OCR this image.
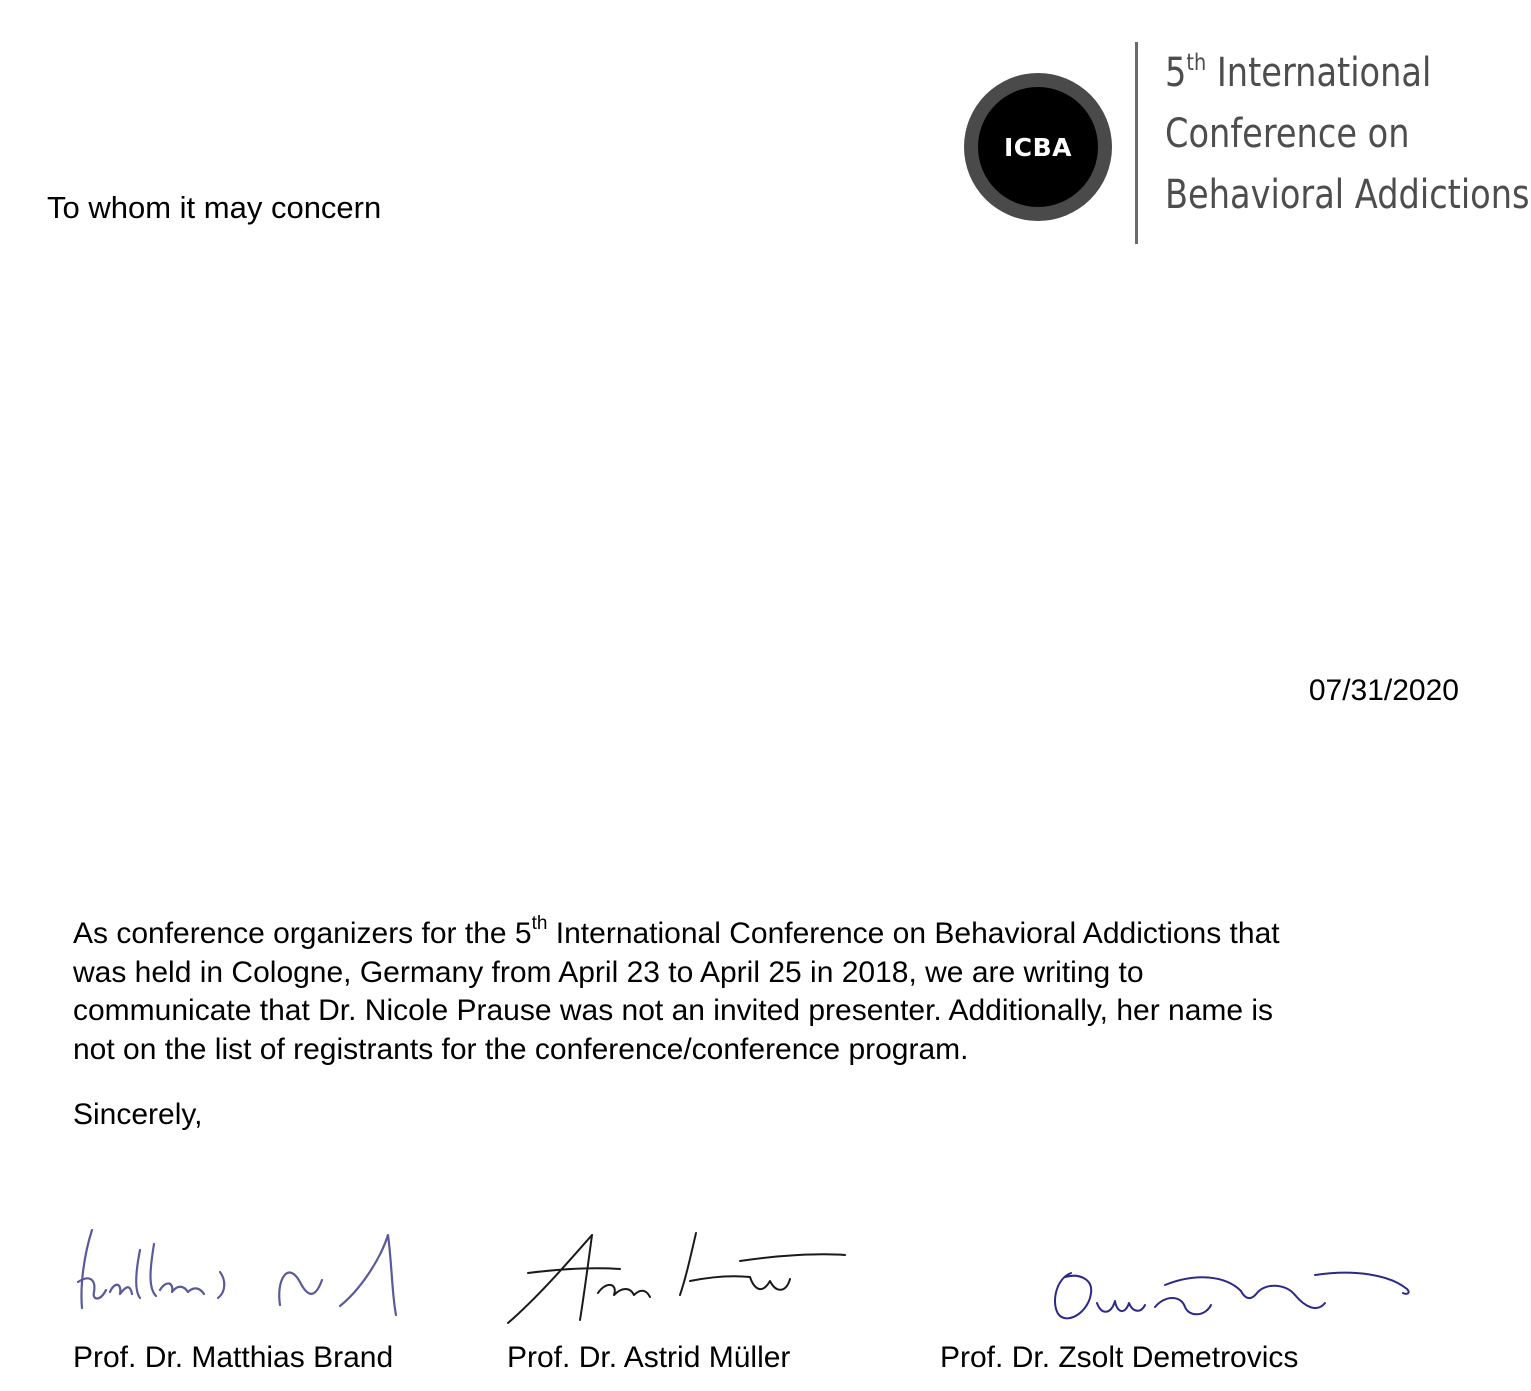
To whom it may concern
ICBA
5th International
Conference on
Behavioral Addictions
07/31/2020
As conference organizers for the 5th International Conference on Behavioral Addictions that
was held in Cologne, Germany from April 23 to April 25 in 2018, we are writing to
communicate that Dr. Nicole Prause was not an invited presenter. Additionally, her name is
not on the list of registrants for the conference/conference program.
Sincerely,
Prof. Dr. Matthias Brand	Prof. Dr. Astrid Müller	Prof. Dr. Zsolt Demetrovics
